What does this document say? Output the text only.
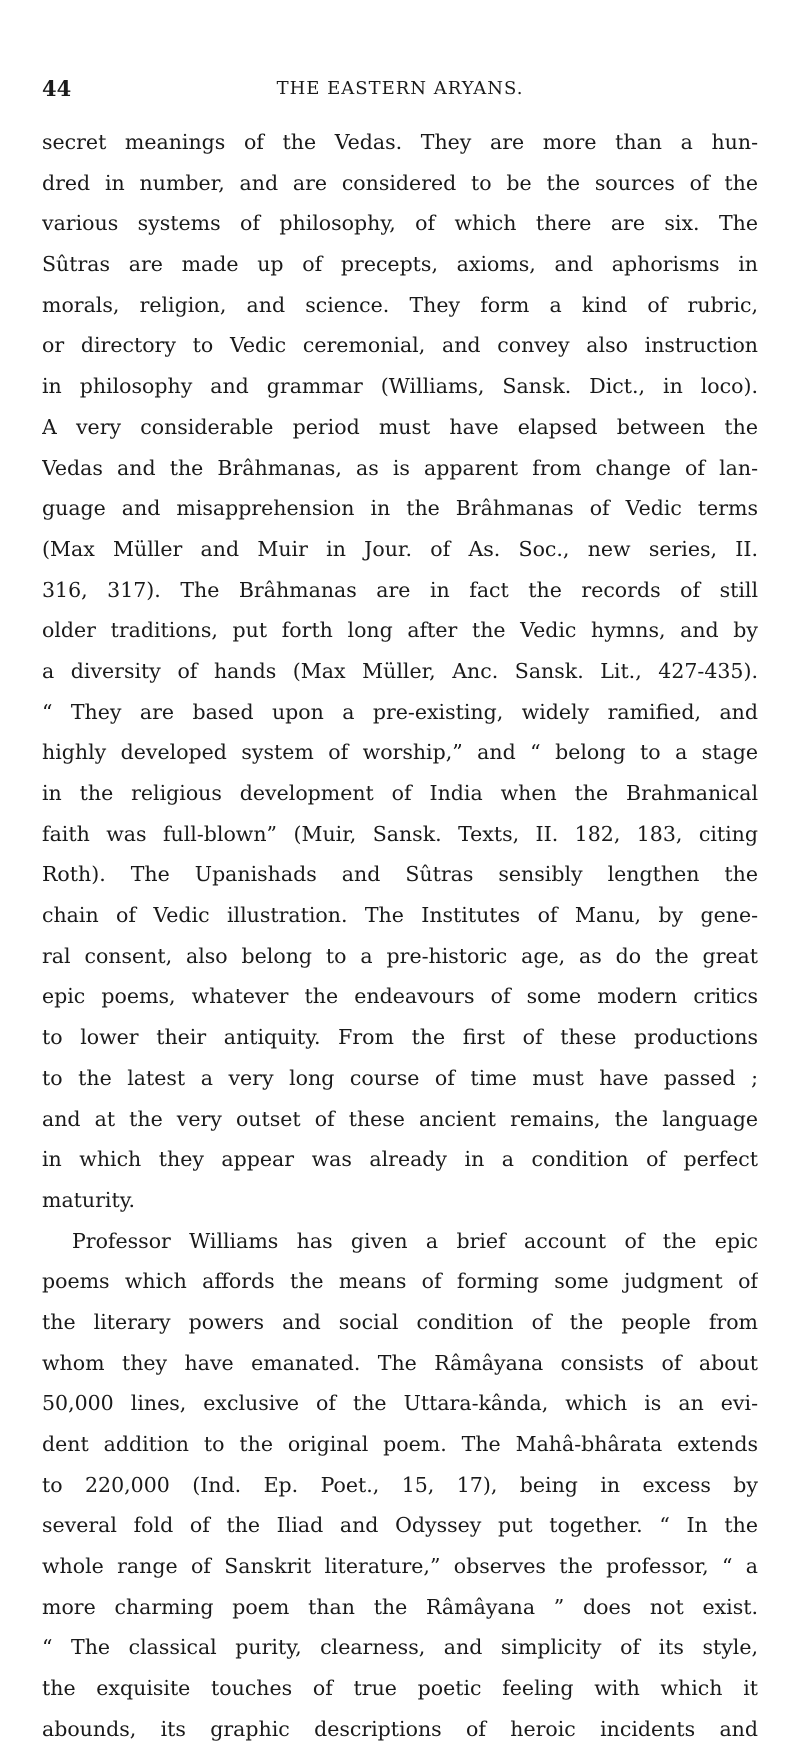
44	THE EASTERN ARYANS.
secret meanings of the Vedas. They are more than a hun-
dred in number, and are considered to be the sources of the
various systems of philosophy, of which there are six. The
Sûtras are made up of precepts, axioms, and aphorisms in
morals, religion, and science. They form a kind of rubric,
or directory to Vedic ceremonial, and convey also instruction
in philosophy and grammar (Williams, Sansk. Dict., in loco).
A very considerable period must have elapsed between the
Vedas and the Brâhmanas, as is apparent from change of lan-
guage and misapprehension in the Brâhmanas of Vedic terms
(Max Müller and Muir in Jour. of As. Soc., new series, II.
316, 317). The Brâhmanas are in fact the records of still
older traditions, put forth long after the Vedic hymns, and by
a diversity of hands (Max Müller, Anc. Sansk. Lit., 427-435).
“ They are based upon a pre-existing, widely ramified, and
highly developed system of worship,” and “ belong to a stage
in the religious development of India when the Brahmanical
faith was full-blown” (Muir, Sansk. Texts, II. 182, 183, citing
Roth). The Upanishads and Sûtras sensibly lengthen the
chain of Vedic illustration. The Institutes of Manu, by gene-
ral consent, also belong to a pre-historic age, as do the great
epic poems, whatever the endeavours of some modern critics
to lower their antiquity. From the first of these productions
to the latest a very long course of time must have passed ;
and at the very outset of these ancient remains, the language
in which they appear was already in a condition of perfect
maturity.
Professor Williams has given a brief account of the epic
poems which affords the means of forming some judgment of
the literary powers and social condition of the people from
whom they have emanated. The Râmâyana consists of about
50,000 lines, exclusive of the Uttara-kânda, which is an evi-
dent addition to the original poem. The Mahâ-bhârata extends
to 220,000 (Ind. Ep. Poet., 15, 17), being in excess by
several fold of the Iliad and Odyssey put together. “ In the
whole range of Sanskrit literature,” observes the professor, “ a
more charming poem than the Râmâyana ” does not exist.
“ The classical purity, clearness, and simplicity of its style,
the exquisite touches of true poetic feeling with which it
abounds, its graphic descriptions of heroic incidents and
